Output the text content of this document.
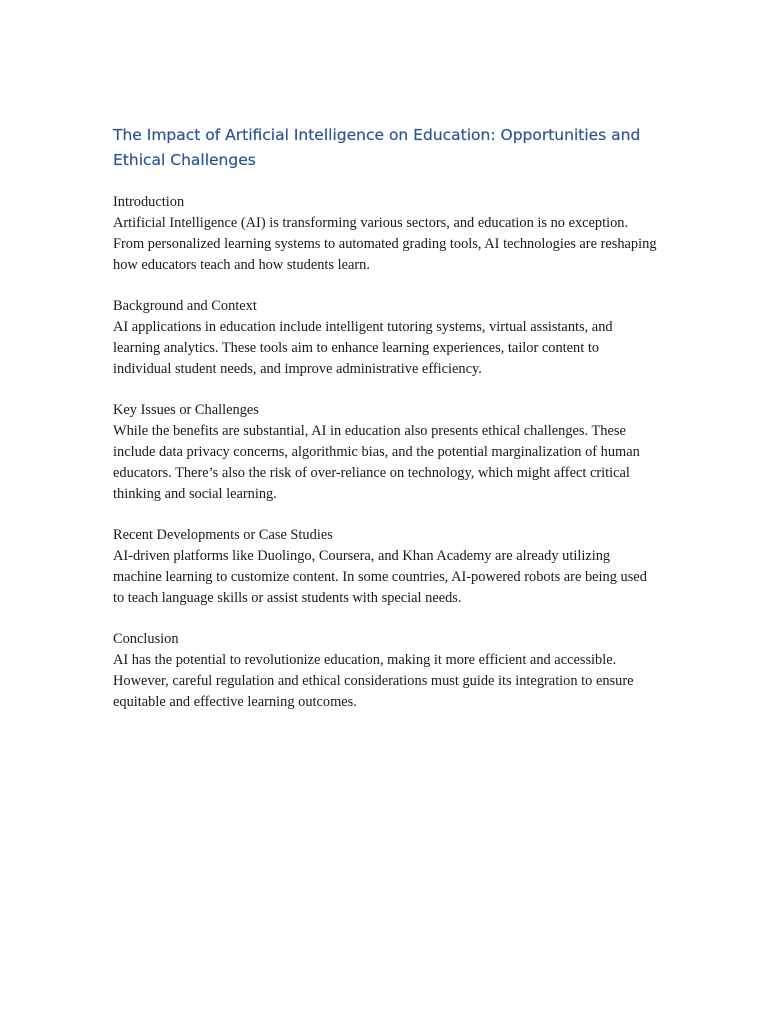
The Impact of Artificial Intelligence on Education: Opportunities and Ethical Challenges

Introduction

Artificial Intelligence (AI) is transforming various sectors, and education is no exception. From personalized learning systems to automated grading tools, AI technologies are reshaping how educators teach and how students learn.

Background and Context

AI applications in education include intelligent tutoring systems, virtual assistants, and learning analytics. These tools aim to enhance learning experiences, tailor content to individual student needs, and improve administrative efficiency.

Key Issues or Challenges

While the benefits are substantial, AI in education also presents ethical challenges. These include data privacy concerns, algorithmic bias, and the potential marginalization of human educators. There’s also the risk of over-reliance on technology, which might affect critical thinking and social learning.

Recent Developments or Case Studies

AI-driven platforms like Duolingo, Coursera, and Khan Academy are already utilizing machine learning to customize content. In some countries, AI-powered robots are being used to teach language skills or assist students with special needs.

Conclusion

AI has the potential to revolutionize education, making it more efficient and accessible. However, careful regulation and ethical considerations must guide its integration to ensure equitable and effective learning outcomes.
